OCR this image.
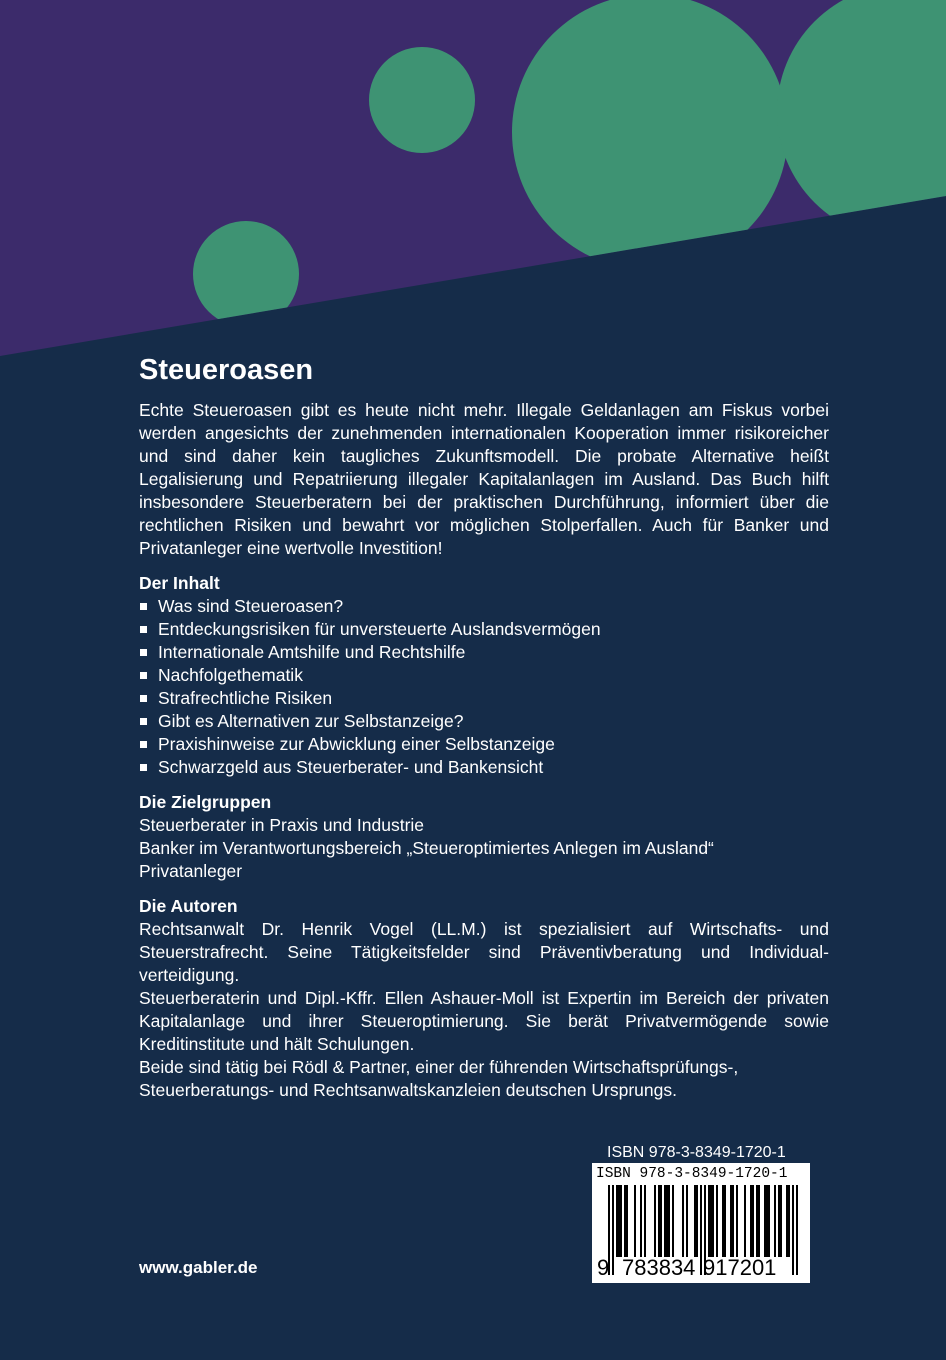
Steueroasen

Echte Steueroasen gibt es heute nicht mehr. Illegale Geldanlagen am Fiskus vorbei werden angesichts der zunehmenden internationalen Kooperation immer risikoreicher und sind daher kein taugliches Zukunftsmodell. Die probate Alternative heißt Legalisierung und Repatriierung illegaler Kapitalanlagen im Ausland. Das Buch hilft insbesondere Steuerberatern bei der praktischen Durchführung, informiert über die rechtlichen Risiken und bewahrt vor möglichen Stolperfallen. Auch für Banker und Privatanleger eine wertvolle Investition!

Der Inhalt
Was sind Steueroasen?
Entdeckungsrisiken für unversteuerte Auslandsvermögen
Internationale Amtshilfe und Rechtshilfe
Nachfolgethematik
Strafrechtliche Risiken
Gibt es Alternativen zur Selbstanzeige?
Praxishinweise zur Abwicklung einer Selbstanzeige
Schwarzgeld aus Steuerberater- und Bankensicht
Die Zielgruppen

Steuerberater in Praxis und Industrie

Banker im Verantwortungsbereich „Steueroptimiertes Anlegen im Ausland“

Privatanleger

Die Autoren

Rechtsanwalt Dr. Henrik Vogel (LL.M.) ist spezialisiert auf Wirtschafts- und Steuerstrafrecht. Seine Tätigkeitsfelder sind Präventivberatung und Individualverteidigung.

Steuerberaterin und Dipl.-Kffr. Ellen Ashauer-Moll ist Expertin im Bereich der privaten Kapitalanlage und ihrer Steueroptimierung. Sie berät Privatvermögende sowie Kreditinstitute und hält Schulungen.

Beide sind tätig bei Rödl & Partner, einer der führenden Wirtschaftsprüfungs-, Steuerberatungs- und Rechtsanwaltskanzleien deutschen Ursprungs.

ISBN 978-3-8349-1720-1
ISBN 978-3-8349-1720-1
9 783834 917201
www.gabler.de
